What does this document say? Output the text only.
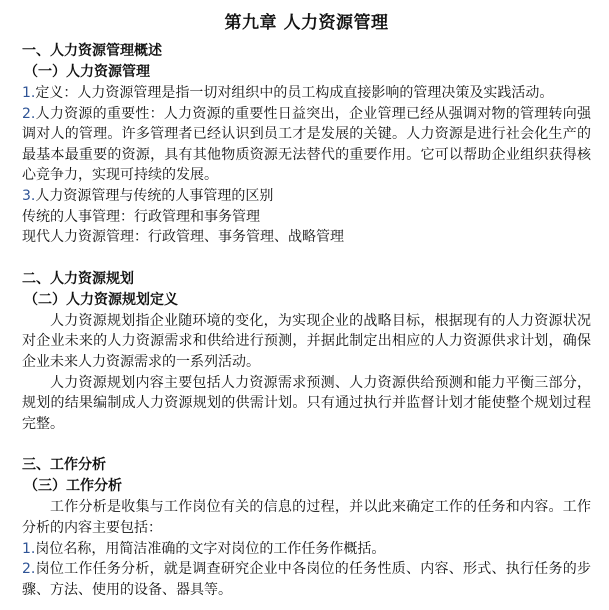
第九章 人力资源管理
一、人力资源管理概述
（一）人力资源管理
1.定义：人力资源管理是指一切对组织中的员工构成直接影响的管理决策及实践活动。
2.人力资源的重要性：人力资源的重要性日益突出，企业管理已经从强调对物的管理转向强调对人的管理。许多管理者已经认识到员工才是发展的关键。人力资源是进行社会化生产的最基本最重要的资源，具有其他物质资源无法替代的重要作用。它可以帮助企业组织获得核心竞争力，实现可持续的发展。
3.人力资源管理与传统的人事管理的区别
传统的人事管理：行政管理和事务管理
现代人力资源管理：行政管理、事务管理、战略管理
二、人力资源规划
（二）人力资源规划定义
人力资源规划指企业随环境的变化，为实现企业的战略目标，根据现有的人力资源状况对企业未来的人力资源需求和供给进行预测，并据此制定出相应的人力资源供求计划，确保企业未来人力资源需求的一系列活动。
人力资源规划内容主要包括人力资源需求预测、人力资源供给预测和能力平衡三部分，规划的结果编制成人力资源规划的供需计划。只有通过执行并监督计划才能使整个规划过程完整。
三、工作分析
（三）工作分析
工作分析是收集与工作岗位有关的信息的过程，并以此来确定工作的任务和内容。工作分析的内容主要包括：
1.岗位名称，用简洁准确的文字对岗位的工作任务作概括。
2.岗位工作任务分析，就是调查研究企业中各岗位的任务性质、内容、形式、执行任务的步骤、方法、使用的设备、器具等。
